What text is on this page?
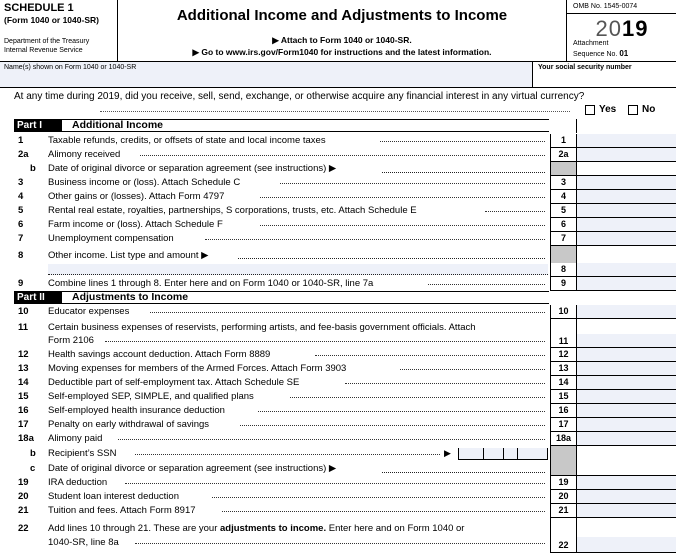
SCHEDULE 1
(Form 1040 or 1040-SR)
Department of the Treasury
Internal Revenue Service
Additional Income and Adjustments to Income
▶ Attach to Form 1040 or 1040-SR.
▶ Go to www.irs.gov/Form1040 for instructions and the latest information.
OMB No. 1545-0074
2019
Attachment
Sequence No. 01
Name(s) shown on Form 1040 or 1040-SR	Your social security number
At any time during 2019, did you receive, sell, send, exchange, or otherwise acquire any financial interest in any virtual currency?
Yes	No
Part I	Additional Income
1	Taxable refunds, credits, or offsets of state and local income taxes	1
2a	Alimony received	2a
b	Date of original divorce or separation agreement (see instructions) ▶
3	Business income or (loss). Attach Schedule C	3
4	Other gains or (losses). Attach Form 4797	4
5	Rental real estate, royalties, partnerships, S corporations, trusts, etc. Attach Schedule E	5
6	Farm income or (loss). Attach Schedule F	6
7	Unemployment compensation	7
8	Other income. List type and amount ▶
8
9	Combine lines 1 through 8. Enter here and on Form 1040 or 1040-SR, line 7a	9
Part II	Adjustments to Income
10	Educator expenses	10
11	Certain business expenses of reservists, performing artists, and fee-basis government officials. Attach
Form 2106	11
12	Health savings account deduction. Attach Form 8889	12
13	Moving expenses for members of the Armed Forces. Attach Form 3903	13
14	Deductible part of self-employment tax. Attach Schedule SE	14
15	Self-employed SEP, SIMPLE, and qualified plans	15
16	Self-employed health insurance deduction	16
17	Penalty on early withdrawal of savings	17
18a	Alimony paid	18a
b	Recipient’s SSN	▶
c	Date of original divorce or separation agreement (see instructions) ▶
19	IRA deduction	19
20	Student loan interest deduction	20
21	Tuition and fees. Attach Form 8917	21
22	Add lines 10 through 21. These are your adjustments to income. Enter here and on Form 1040 or
1040-SR, line 8a	22
